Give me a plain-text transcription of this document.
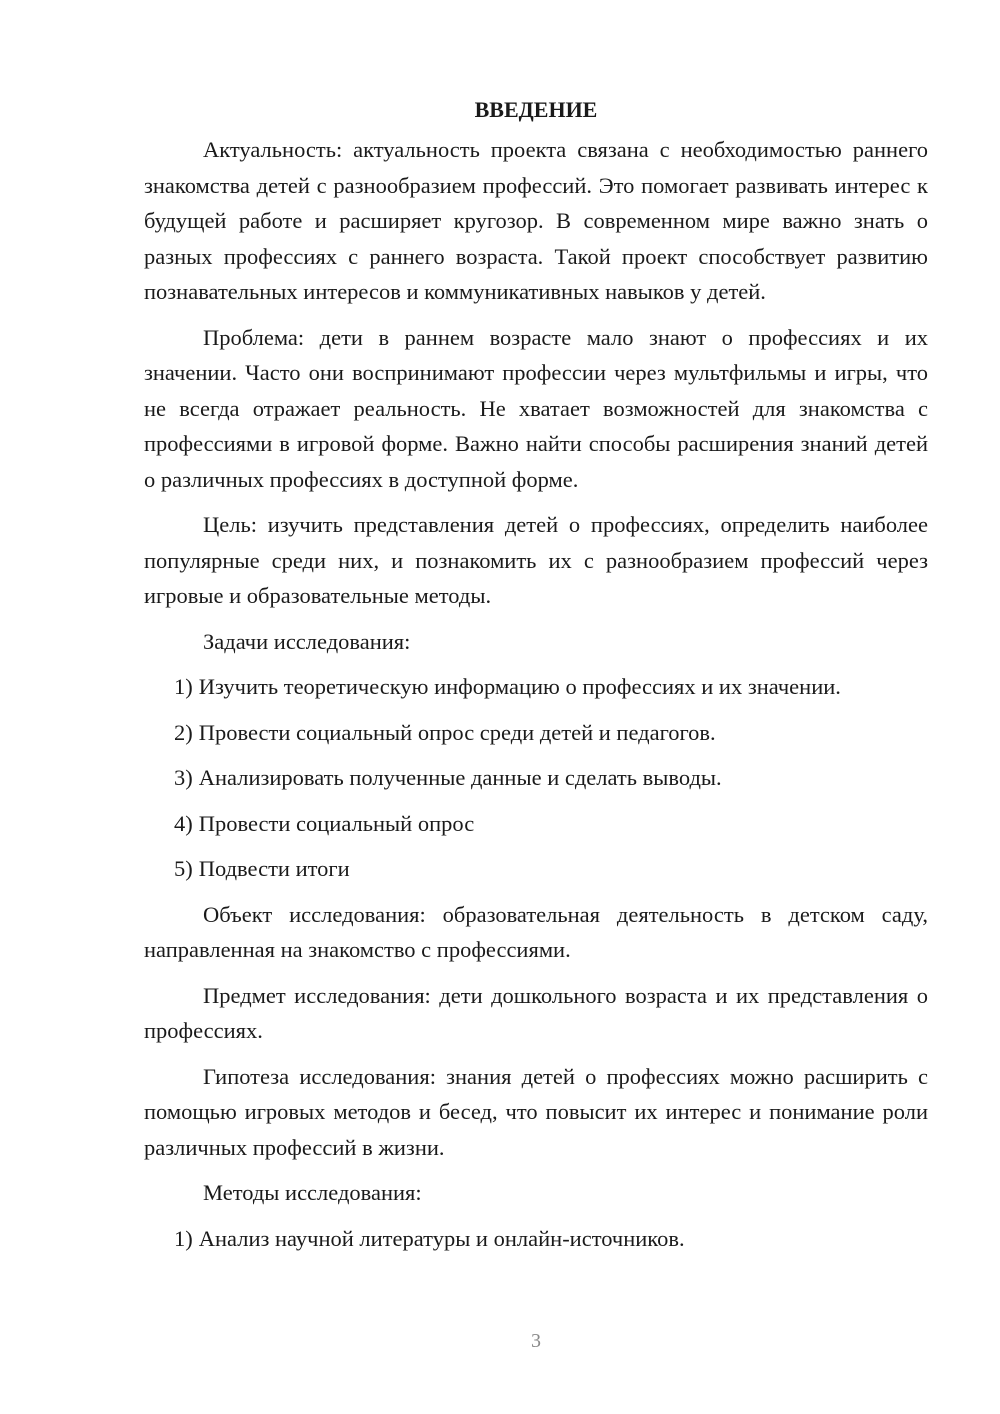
ВВЕДЕНИЕ

Актуальность: актуальность проекта связана с необходимостью раннего знакомства детей с разнообразием профессий. Это помогает развивать интерес к будущей работе и расширяет кругозор. В современном мире важно знать о разных профессиях с раннего возраста. Такой проект способствует развитию познавательных интересов и коммуникативных навыков у детей.

Проблема: дети в раннем возрасте мало знают о профессиях и их значении. Часто они воспринимают профессии через мультфильмы и игры, что не всегда отражает реальность. Не хватает возможностей для знакомства с профессиями в игровой форме. Важно найти способы расширения знаний детей о различных профессиях в доступной форме.

Цель: изучить представления детей о профессиях, определить наиболее популярные среди них, и познакомить их с разнообразием профессий через игровые и образовательные методы.

Задачи исследования:

1) Изучить теоретическую информацию о профессиях и их значении.

2) Провести социальный опрос среди детей и педагогов.

3) Анализировать полученные данные и сделать выводы.

4) Провести социальный опрос

5) Подвести итоги

Объект исследования: образовательная деятельность в детском саду, направленная на знакомство с профессиями.

Предмет исследования: дети дошкольного возраста и их представления о профессиях.

Гипотеза исследования: знания детей о профессиях можно расширить с помощью игровых методов и бесед, что повысит их интерес и понимание роли различных профессий в жизни.

Методы исследования:

1) Анализ научной литературы и онлайн-источников.

3
